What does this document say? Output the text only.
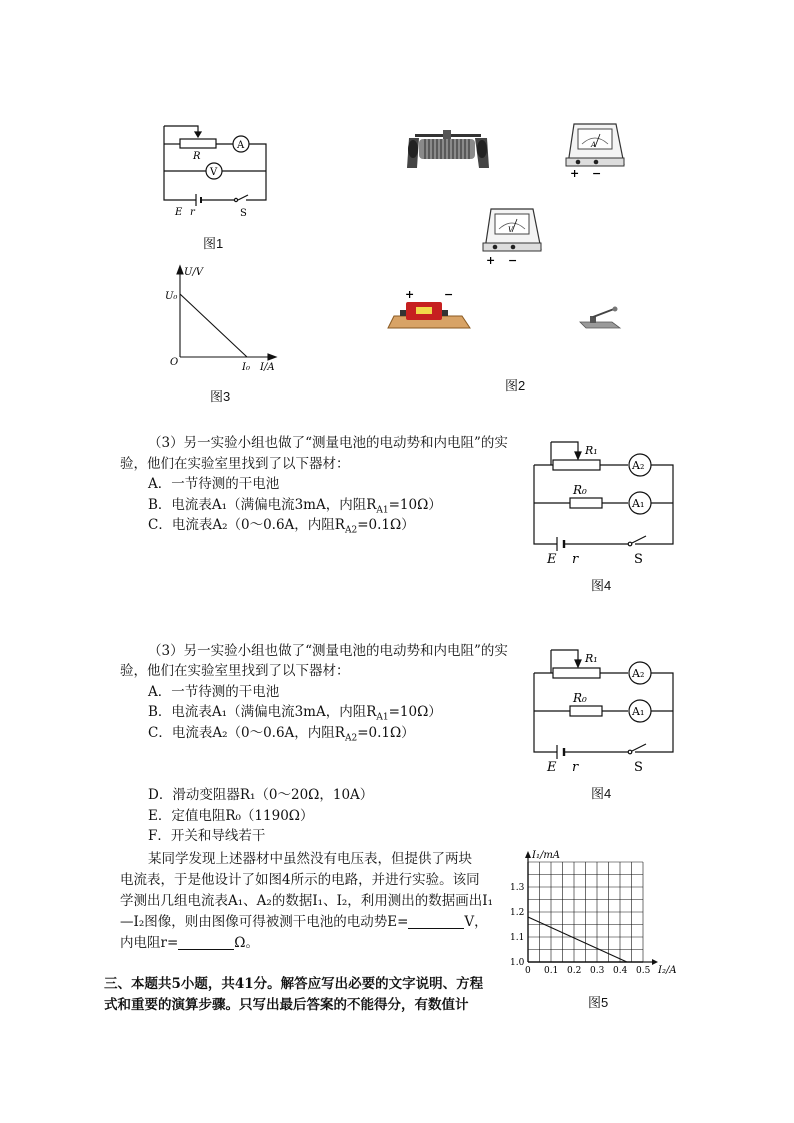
R
A
V
E r	S
图1
U/V
U₀
O	I₀ I/A
图3
A
+ −
V
+ −
+	−
图2
（3）另一实验小组也做了“测量电池的电动势和内电阻”的实
验，他们在实验室里找到了以下器材：
A．一节待测的干电池
B．电流表A₁（满偏电流3mA，内阻$R_{A1}=10\Omega$）
C．电流表A₂（0～0.6A，内阻$R_{A2}=0.1\Omega$）
R₁
A₂
R₀
A₁
E r	S
图4
（3）另一实验小组也做了“测量电池的电动势和内电阻”的实
验，他们在实验室里找到了以下器材：
A．一节待测的干电池
B．电流表A₁（满偏电流3mA，内阻$R_{A1}=10\Omega$）
C．电流表A₂（0～0.6A，内阻$R_{A2}=0.1\Omega$）
R₁
A₂
R₀
A₁
E r	S
图4
D．滑动变阻器R₁（0～20Ω，10A）
E．定值电阻R₀（1190Ω）
F．开关和导线若干
某同学发现上述器材中虽然没有电压表，但提供了两块
电流表，于是他设计了如图4所示的电路，并进行实验。该同
学测出几组电流表A₁、A₂的数据I₁、I₂，利用测出的数据画出I₁
—I₂图像，则由图像可得被测干电池的电动势E=	V，
内电阻r=	Ω。
0 0.1 0.2 0.3 0.4 0.5
1.0
1.1
1.2
1.3
I₁/mA
I₂/A
图5
三、本题共5小题，共41分。解答应写出必要的文字说明、方程
式和重要的演算步骤。只写出最后答案的不能得分，有数值计
